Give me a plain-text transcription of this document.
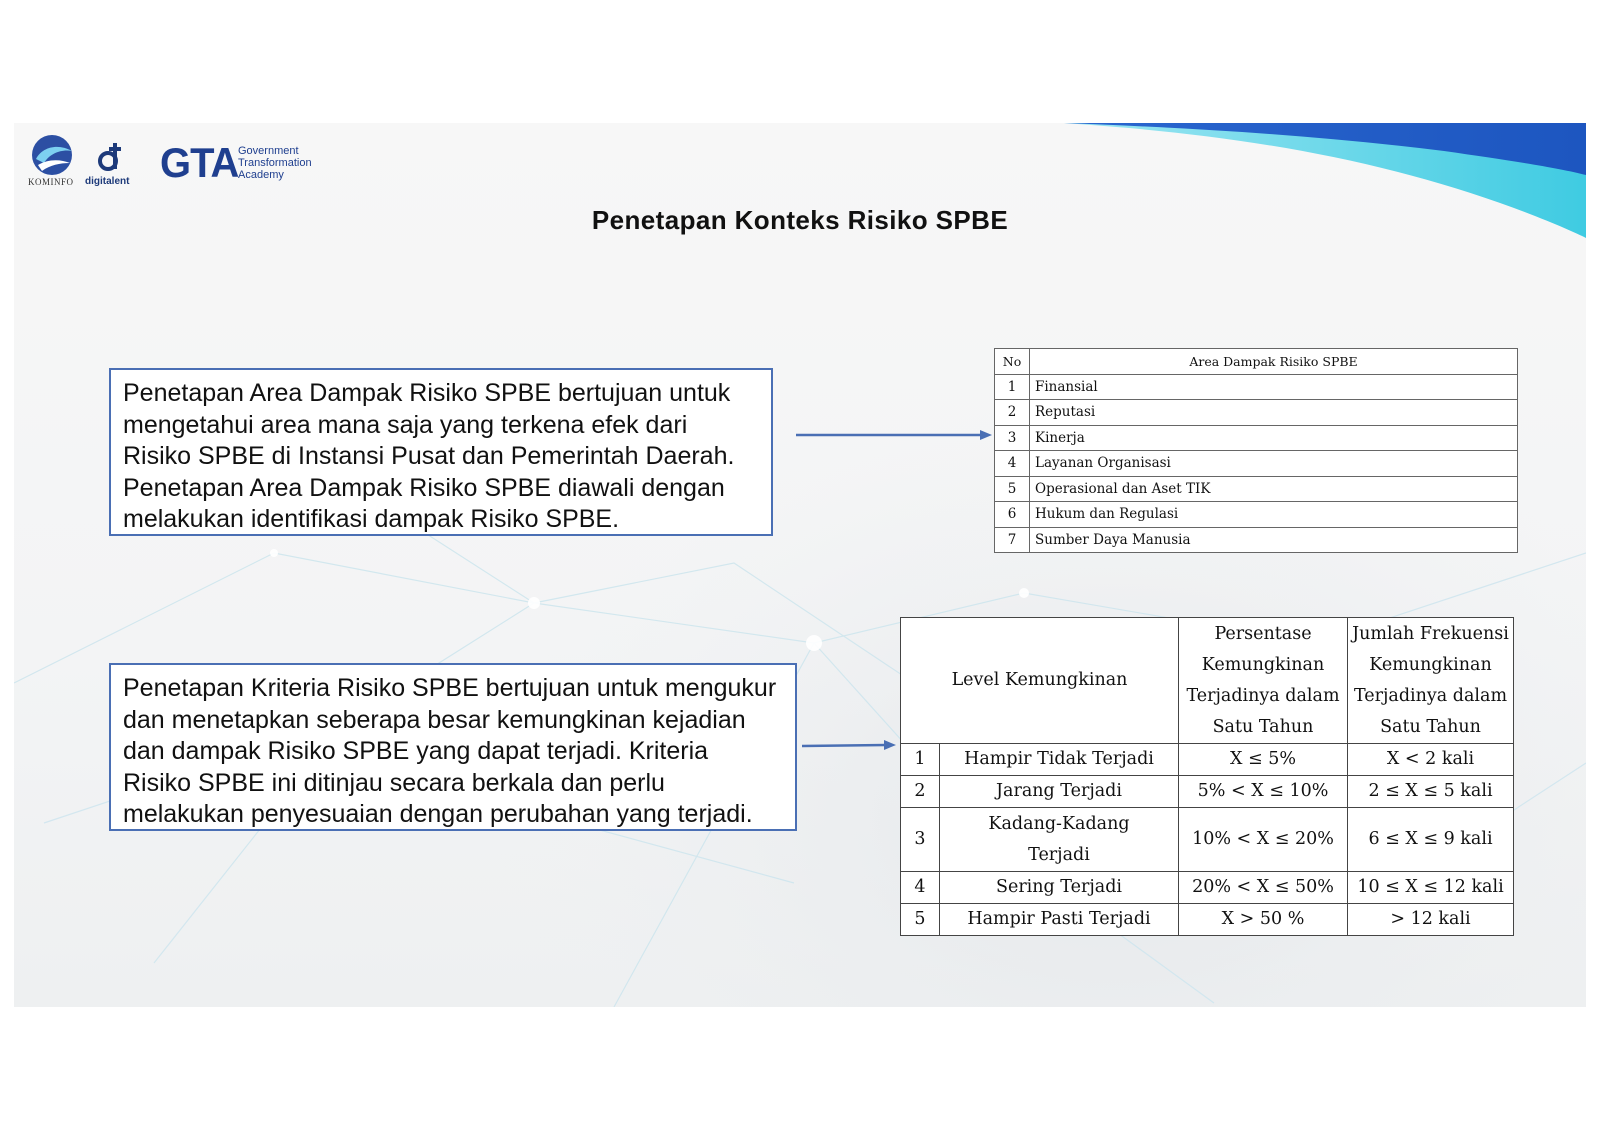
KOMINFO digitalent GTA Government
Transformation
Academy
Penetapan Konteks Risiko SPBE
Penetapan Area Dampak Risiko SPBE bertujuan untuk mengetahui area mana saja yang terkena efek dari Risiko SPBE di Instansi Pusat dan Pemerintah Daerah. Penetapan Area Dampak Risiko SPBE diawali dengan melakukan identifikasi dampak Risiko SPBE.
Penetapan Kriteria Risiko SPBE bertujuan untuk mengukur dan menetapkan seberapa besar kemungkinan kejadian dan dampak Risiko SPBE yang dapat terjadi. Kriteria Risiko SPBE ini ditinjau secara berkala dan perlu melakukan penyesuaian dengan perubahan yang terjadi.
No	Area Dampak Risiko SPBE
1	Finansial
2	Reputasi
3	Kinerja
4	Layanan Organisasi
5	Operasional dan Aset TIK
6	Hukum dan Regulasi
7	Sumber Daya Manusia
Level Kemungkinan		Persentase Kemungkinan Terjadinya dalam Satu Tahun	Jumlah Frekuensi Kemungkinan Terjadinya dalam Satu Tahun
1	Hampir Tidak Terjadi	X ≤ 5%	X < 2 kali
2	Jarang Terjadi	5% < X ≤ 10%	2 ≤ X ≤ 5 kali
3	Kadang-Kadang Terjadi	10% < X ≤ 20%	6 ≤ X ≤ 9 kali
4	Sering Terjadi	20% < X ≤ 50%	10 ≤ X ≤ 12 kali
5	Hampir Pasti Terjadi	X > 50 %	> 12 kali
